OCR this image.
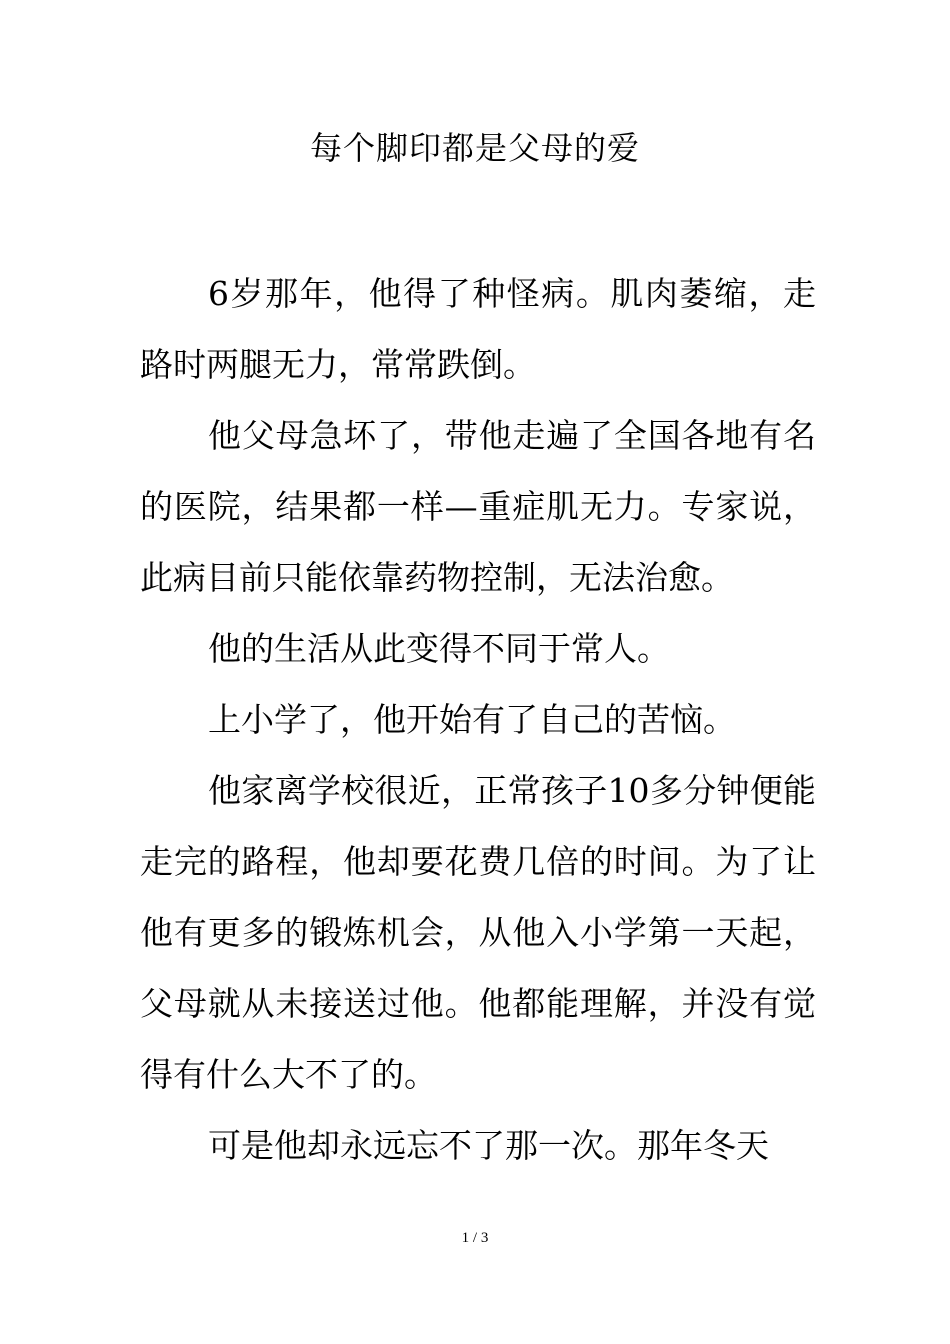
每个脚印都是父母的爱

6岁那年，他得了种怪病。肌肉萎缩，走路时两腿无力，常常跌倒。

他父母急坏了，带他走遍了全国各地有名的医院，结果都一样—重症肌无力。专家说，此病目前只能依靠药物控制，无法治愈。

他的生活从此变得不同于常人。

上小学了，他开始有了自己的苦恼。

他家离学校很近，正常孩子10多分钟便能走完的路程，他却要花费几倍的时间。为了让他有更多的锻炼机会，从他入小学第一天起，父母就从未接送过他。他都能理解，并没有觉得有什么大不了的。

可是他却永远忘不了那一次。那年冬天

1 / 3
